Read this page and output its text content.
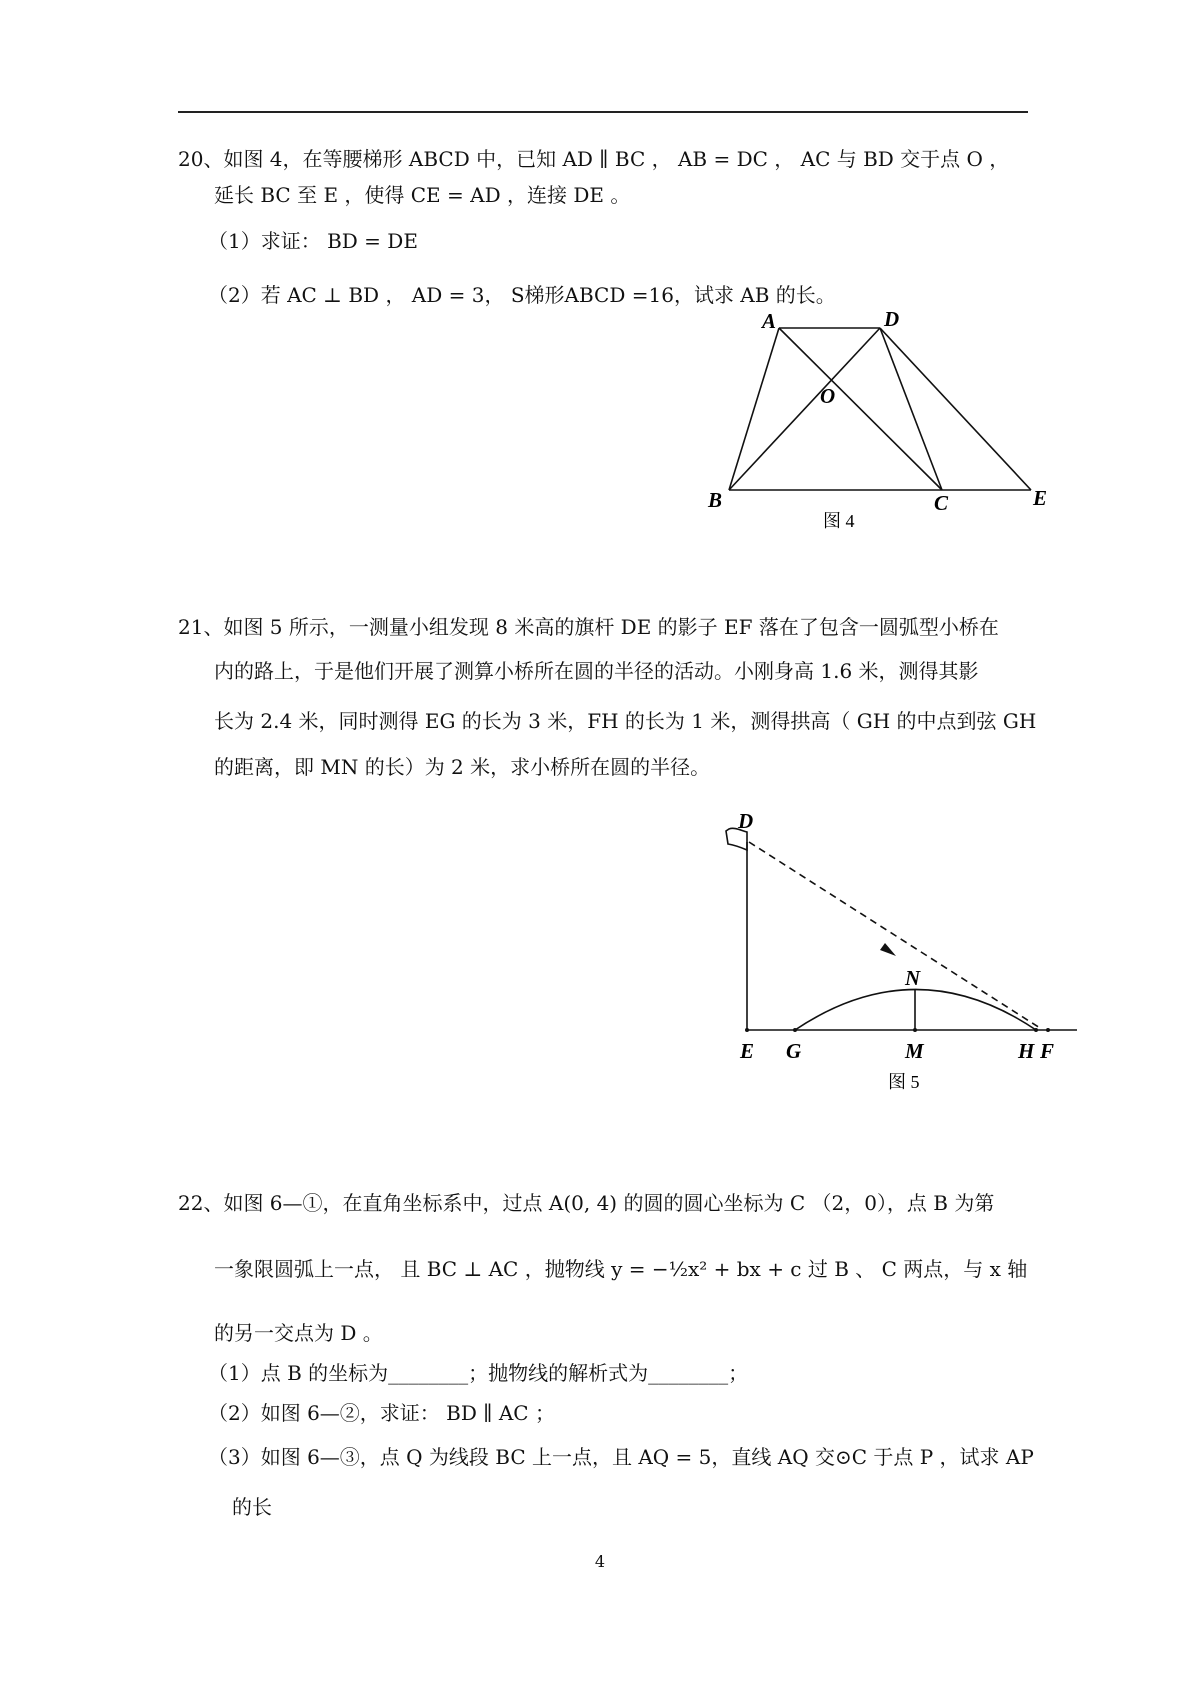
20、如图 4，在等腰梯形 ABCD 中，已知 AD ∥ BC ， AB = DC ， AC 与 BD 交于点 O ，
延长 BC 至 E ，使得 CE = AD ，连接 DE 。
（1）求证： BD = DE
（2）若 AC ⊥ BD ， AD = 3， S梯形ABCD =16，试求 AB 的长。
A	D
O
B	C	E
图 4
21、如图 5 所示，一测量小组发现 8 米高的旗杆 DE 的影子 EF 落在了包含一圆弧型小桥在
内的路上，于是他们开展了测算小桥所在圆的半径的活动。小刚身高 1.6 米，测得其影
长为 2.4 米，同时测得 EG 的长为 3 米，FH 的长为 1 米，测得拱高（ GH 的中点到弦 GH
的距离，即 MN 的长）为 2 米，求小桥所在圆的半径。
D
N
E G	M	H F
图 5
22、如图 6—①，在直角坐标系中，过点 A(0, 4) 的圆的圆心坐标为 C （2，0），点 B 为第
一象限圆弧上一点， 且 BC ⊥ AC ，抛物线 y = −½x² + bx + c 过 B 、 C 两点，与 x 轴
的另一交点为 D 。
（1）点 B 的坐标为________；抛物线的解析式为________；
（2）如图 6—②，求证： BD ∥ AC ；
（3）如图 6—③，点 Q 为线段 BC 上一点，且 AQ = 5，直线 AQ 交⊙C 于点 P ，试求 AP
的长
4
